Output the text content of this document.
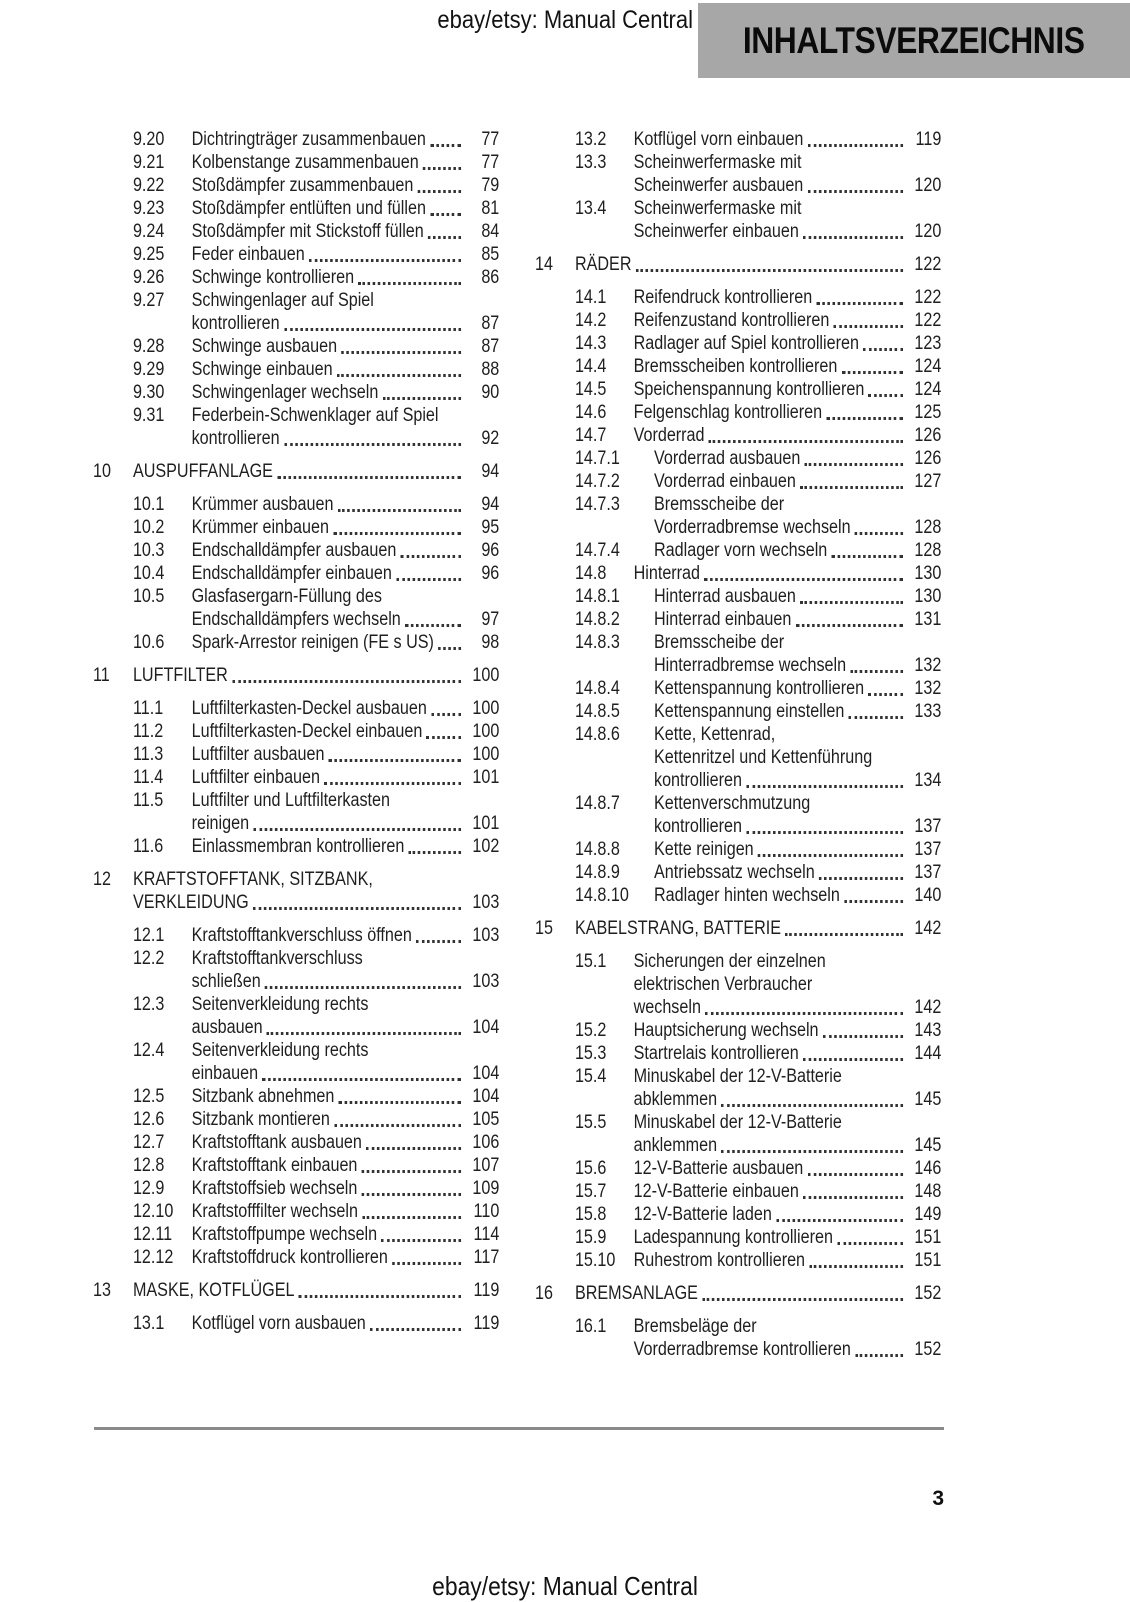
ebay/etsy: Manual Central	INHALTSVERZEICHNIS
9.20	Dichtringträger zusammenbauen	77
9.21	Kolbenstange zusammenbauen	77
9.22	Stoßdämpfer zusammenbauen	79
9.23	Stoßdämpfer entlüften und füllen	81
9.24	Stoßdämpfer mit Stickstoff füllen	84
9.25	Feder einbauen	85
9.26	Schwinge kontrollieren	86
9.27	Schwingenlager auf Spiel
kontrollieren	87
9.28	Schwinge ausbauen	87
9.29	Schwinge einbauen	88
9.30	Schwingenlager wechseln	90
9.31	Federbein-Schwenklager auf Spiel
kontrollieren	92
10	AUSPUFFANLAGE	94
10.1	Krümmer ausbauen	94
10.2	Krümmer einbauen	95
10.3	Endschalldämpfer ausbauen	96
10.4	Endschalldämpfer einbauen	96
10.5	Glasfasergarn-Füllung des
Endschalldämpfers wechseln	97
10.6	Spark-Arrestor reinigen (FE s US)	98
11	LUFTFILTER	100
11.1	Luftfilterkasten-Deckel ausbauen	100
11.2	Luftfilterkasten-Deckel einbauen	100
11.3	Luftfilter ausbauen	100
11.4	Luftfilter einbauen	101
11.5	Luftfilter und Luftfilterkasten
reinigen	101
11.6	Einlassmembran kontrollieren	102
12	KRAFTSTOFFTANK, SITZBANK,
VERKLEIDUNG	103
12.1	Kraftstofftankverschluss öffnen	103
12.2	Kraftstofftankverschluss
schließen	103
12.3	Seitenverkleidung rechts
ausbauen	104
12.4	Seitenverkleidung rechts
einbauen	104
12.5	Sitzbank abnehmen	104
12.6	Sitzbank montieren	105
12.7	Kraftstofftank ausbauen	106
12.8	Kraftstofftank einbauen	107
12.9	Kraftstoffsieb wechseln	109
12.10 Kraftstofffilter wechseln	110
12.11	Kraftstoffpumpe wechseln	114
12.12 Kraftstoffdruck kontrollieren	117
13	MASKE, KOTFLÜGEL	119
13.1	Kotflügel vorn ausbauen	119
13.2	Kotflügel vorn einbauen	119
13.3	Scheinwerfermaske mit
Scheinwerfer ausbauen	120
13.4	Scheinwerfermaske mit
Scheinwerfer einbauen	120
14	RÄDER	122
14.1	Reifendruck kontrollieren	122
14.2	Reifenzustand kontrollieren	122
14.3	Radlager auf Spiel kontrollieren	123
14.4	Bremsscheiben kontrollieren	124
14.5	Speichenspannung kontrollieren	124
14.6	Felgenschlag kontrollieren	125
14.7	Vorderrad	126
14.7.1	Vorderrad ausbauen	126
14.7.2	Vorderrad einbauen	127
14.7.3	Bremsscheibe der
Vorderradbremse wechseln	128
14.7.4	Radlager vorn wechseln	128
14.8	Hinterrad	130
14.8.1	Hinterrad ausbauen	130
14.8.2	Hinterrad einbauen	131
14.8.3	Bremsscheibe der
Hinterradbremse wechseln	132
14.8.4	Kettenspannung kontrollieren	132
14.8.5	Kettenspannung einstellen	133
14.8.6	Kette, Kettenrad,
Kettenritzel und Kettenführung
kontrollieren	134
14.8.7	Kettenverschmutzung
kontrollieren	137
14.8.8	Kette reinigen	137
14.8.9	Antriebssatz wechseln	137
14.8.10	Radlager hinten wechseln	140
15	KABELSTRANG, BATTERIE	142
15.1	Sicherungen der einzelnen
elektrischen Verbraucher
wechseln	142
15.2	Hauptsicherung wechseln	143
15.3	Startrelais kontrollieren	144
15.4	Minuskabel der 12-V-Batterie
abklemmen	145
15.5	Minuskabel der 12-V-Batterie
anklemmen	145
15.6	12-V-Batterie ausbauen	146
15.7	12-V-Batterie einbauen	148
15.8	12-V-Batterie laden	149
15.9	Ladespannung kontrollieren	151
15.10 Ruhestrom kontrollieren	151
16	BREMSANLAGE	152
16.1	Bremsbeläge der
Vorderradbremse kontrollieren	152
3
ebay/etsy: Manual Central
